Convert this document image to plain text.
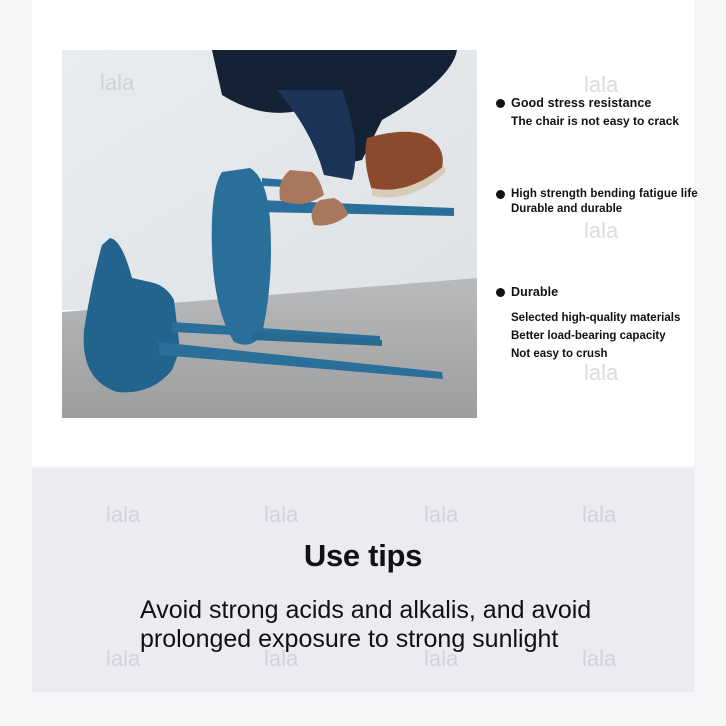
Good stress resistance
The chair is not easy to crack
High strength bending fatigue life
Durable and durable
Durable
Selected high-quality materials
Better load-bearing capacity
Not easy to crush
Use tips
Avoid strong acids and alkalis, and avoid prolonged exposure to strong sunlight
lala	lala
lala
lala
lala	lala	lala	lala
lala	lala	lala	lala
